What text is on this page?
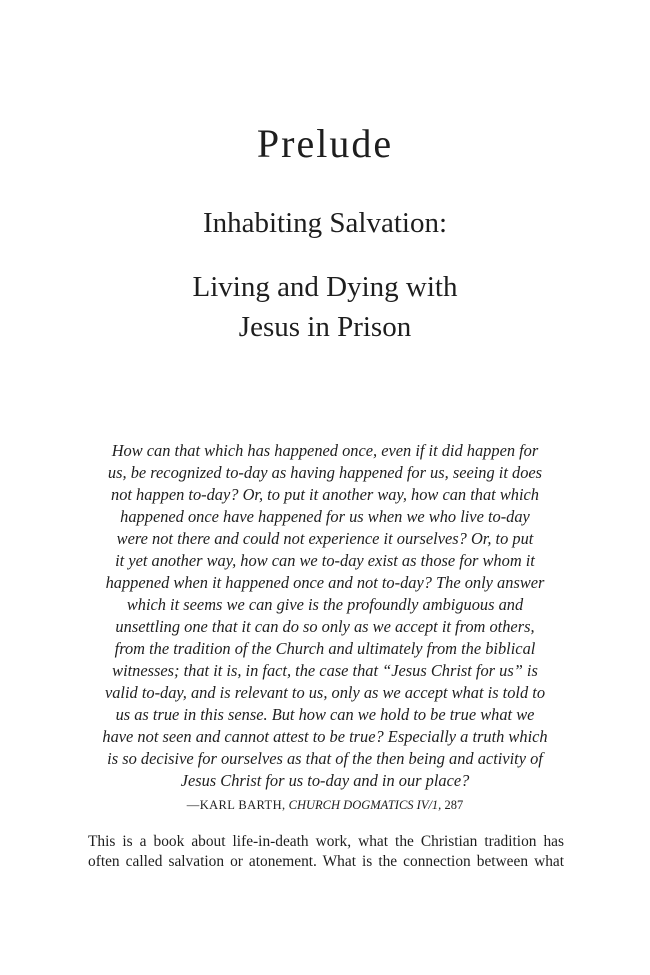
Prelude
Inhabiting Salvation:
Living and Dying with
Jesus in Prison

How can that which has happened once, even if it did happen for
us, be recognized to-day as having happened for us, seeing it does
not happen to-day? Or, to put it another way, how can that which
happened once have happened for us when we who live to-day
were not there and could not experience it ourselves? Or, to put
it yet another way, how can we to-day exist as those for whom it
happened when it happened once and not to-day? The only answer
which it seems we can give is the profoundly ambiguous and
unsettling one that it can do so only as we accept it from others,
from the tradition of the Church and ultimately from the biblical
witnesses; that it is, in fact, the case that “Jesus Christ for us” is
valid to-day, and is relevant to us, only as we accept what is told to
us as true in this sense. But how can we hold to be true what we
have not seen and cannot attest to be true? Especially a truth which
is so decisive for ourselves as that of the then being and activity of
Jesus Christ for us to-day and in our place?

—KARL BARTH, CHURCH DOGMATICS IV/1, 287

This is a book about life-in-death work, what the Christian tradition has
often called salvation or atonement. What is the connection between what
